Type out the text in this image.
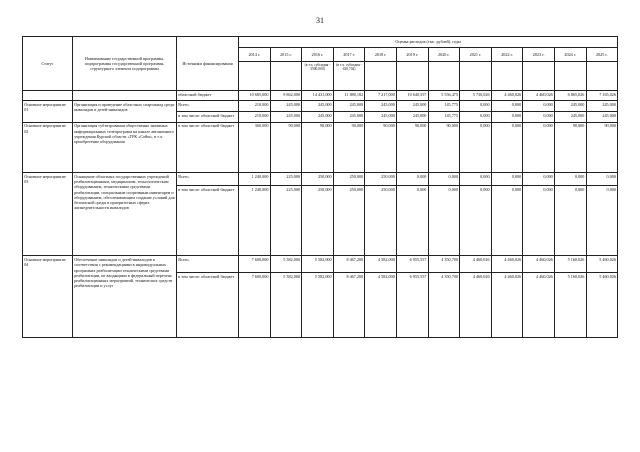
31
Статус	Наименование государственной программы, подпрограммы государственной программы, структурного элемента подпрограммы	Источники финансирования	Оценка расходов (тыс. рублей), годы											
			2014 г.	2015 г.	2016 г.	2017 г.	2018 г.	2019 г.	2020 г.	2021 г.	2022 г.	2023 г.	2024 г.	2025 г.
					(в т.ч. субсидия - 3500,000)	(в т.ч. субсидия - 630,704)								
		областной бюджет	10 685,000	9 862,000	14 431,000	11 880,182	7 217,000	10 640,557	5 556,475	5 730,026	4 460,026	4 460,026	6 865,026	7 165,026
Основное мероприятие 01	Организация и проведение областных спартакиад среди инвалидов и детей-инвалидов	Всего,	210,000	245,000	245,000	245,000	245,000	245,000	145,775	0,000	0,000	0,000	245,000	245,000
		в том числе: областной бюджет	210,000	245,000	245,000	245,000	245,000	245,000	145,775	0,000	0,000	0,000	245,000	245,000
Основное мероприятие 02	Организация субтитрования общественно значимых информационных телепрограмм на канале автономного учреждения Курской области «ТРК «Сейм», в т.ч. приобретение оборудования	в том числе: областной бюджет	360,000	90,000	90,000	90,000	90,000	90,000	90,000	0,000	0,000	0,000	90,000	90,000
Основное мероприятие 03	Оснащение областных государственных учреждений реабилитационным, медицинским, технологическим оборудованием, техническими средствами реабилитации, специальным спортивным инвентарем и оборудованием, обеспечивающим создание условий для безопасной среды в приоритетных сферах жизнедеятельности инвалидов	Всего,	1 240,000	225,000	250,000	250,000	250,000	0,000	0,000	0,000	0,000	0,000	0,000	0,000
		в том числе: областной бюджет	1 240,000	225,000	250,000	250,000	250,000	0,000	0,000	0,000	0,000	0,000	0,000	0,000
Основное мероприятие 04	Обеспечение инвалидов и детей-инвалидов в соответствии с рекомендациями в индивидуальных программах реабилитации техническими средствами реабилитации, не входящими в федеральный перечень реабилитационных мероприятий, технических средств реабилитации и услуг	Всего,	7 600,000	5 382,000	5 582,000	8 467,200	4 582,000	6 955,557	4 350,700	4 460,026	4 460,026	4 460,026	5 160,026	5 460,026
		в том числе: областной бюджет	7 600,000	5 382,000	5 582,000	8 467,200	4 582,000	6 955,557	4 350,700	4 460,026	4 460,026	4 460,026	5 160,026	5 460,026
